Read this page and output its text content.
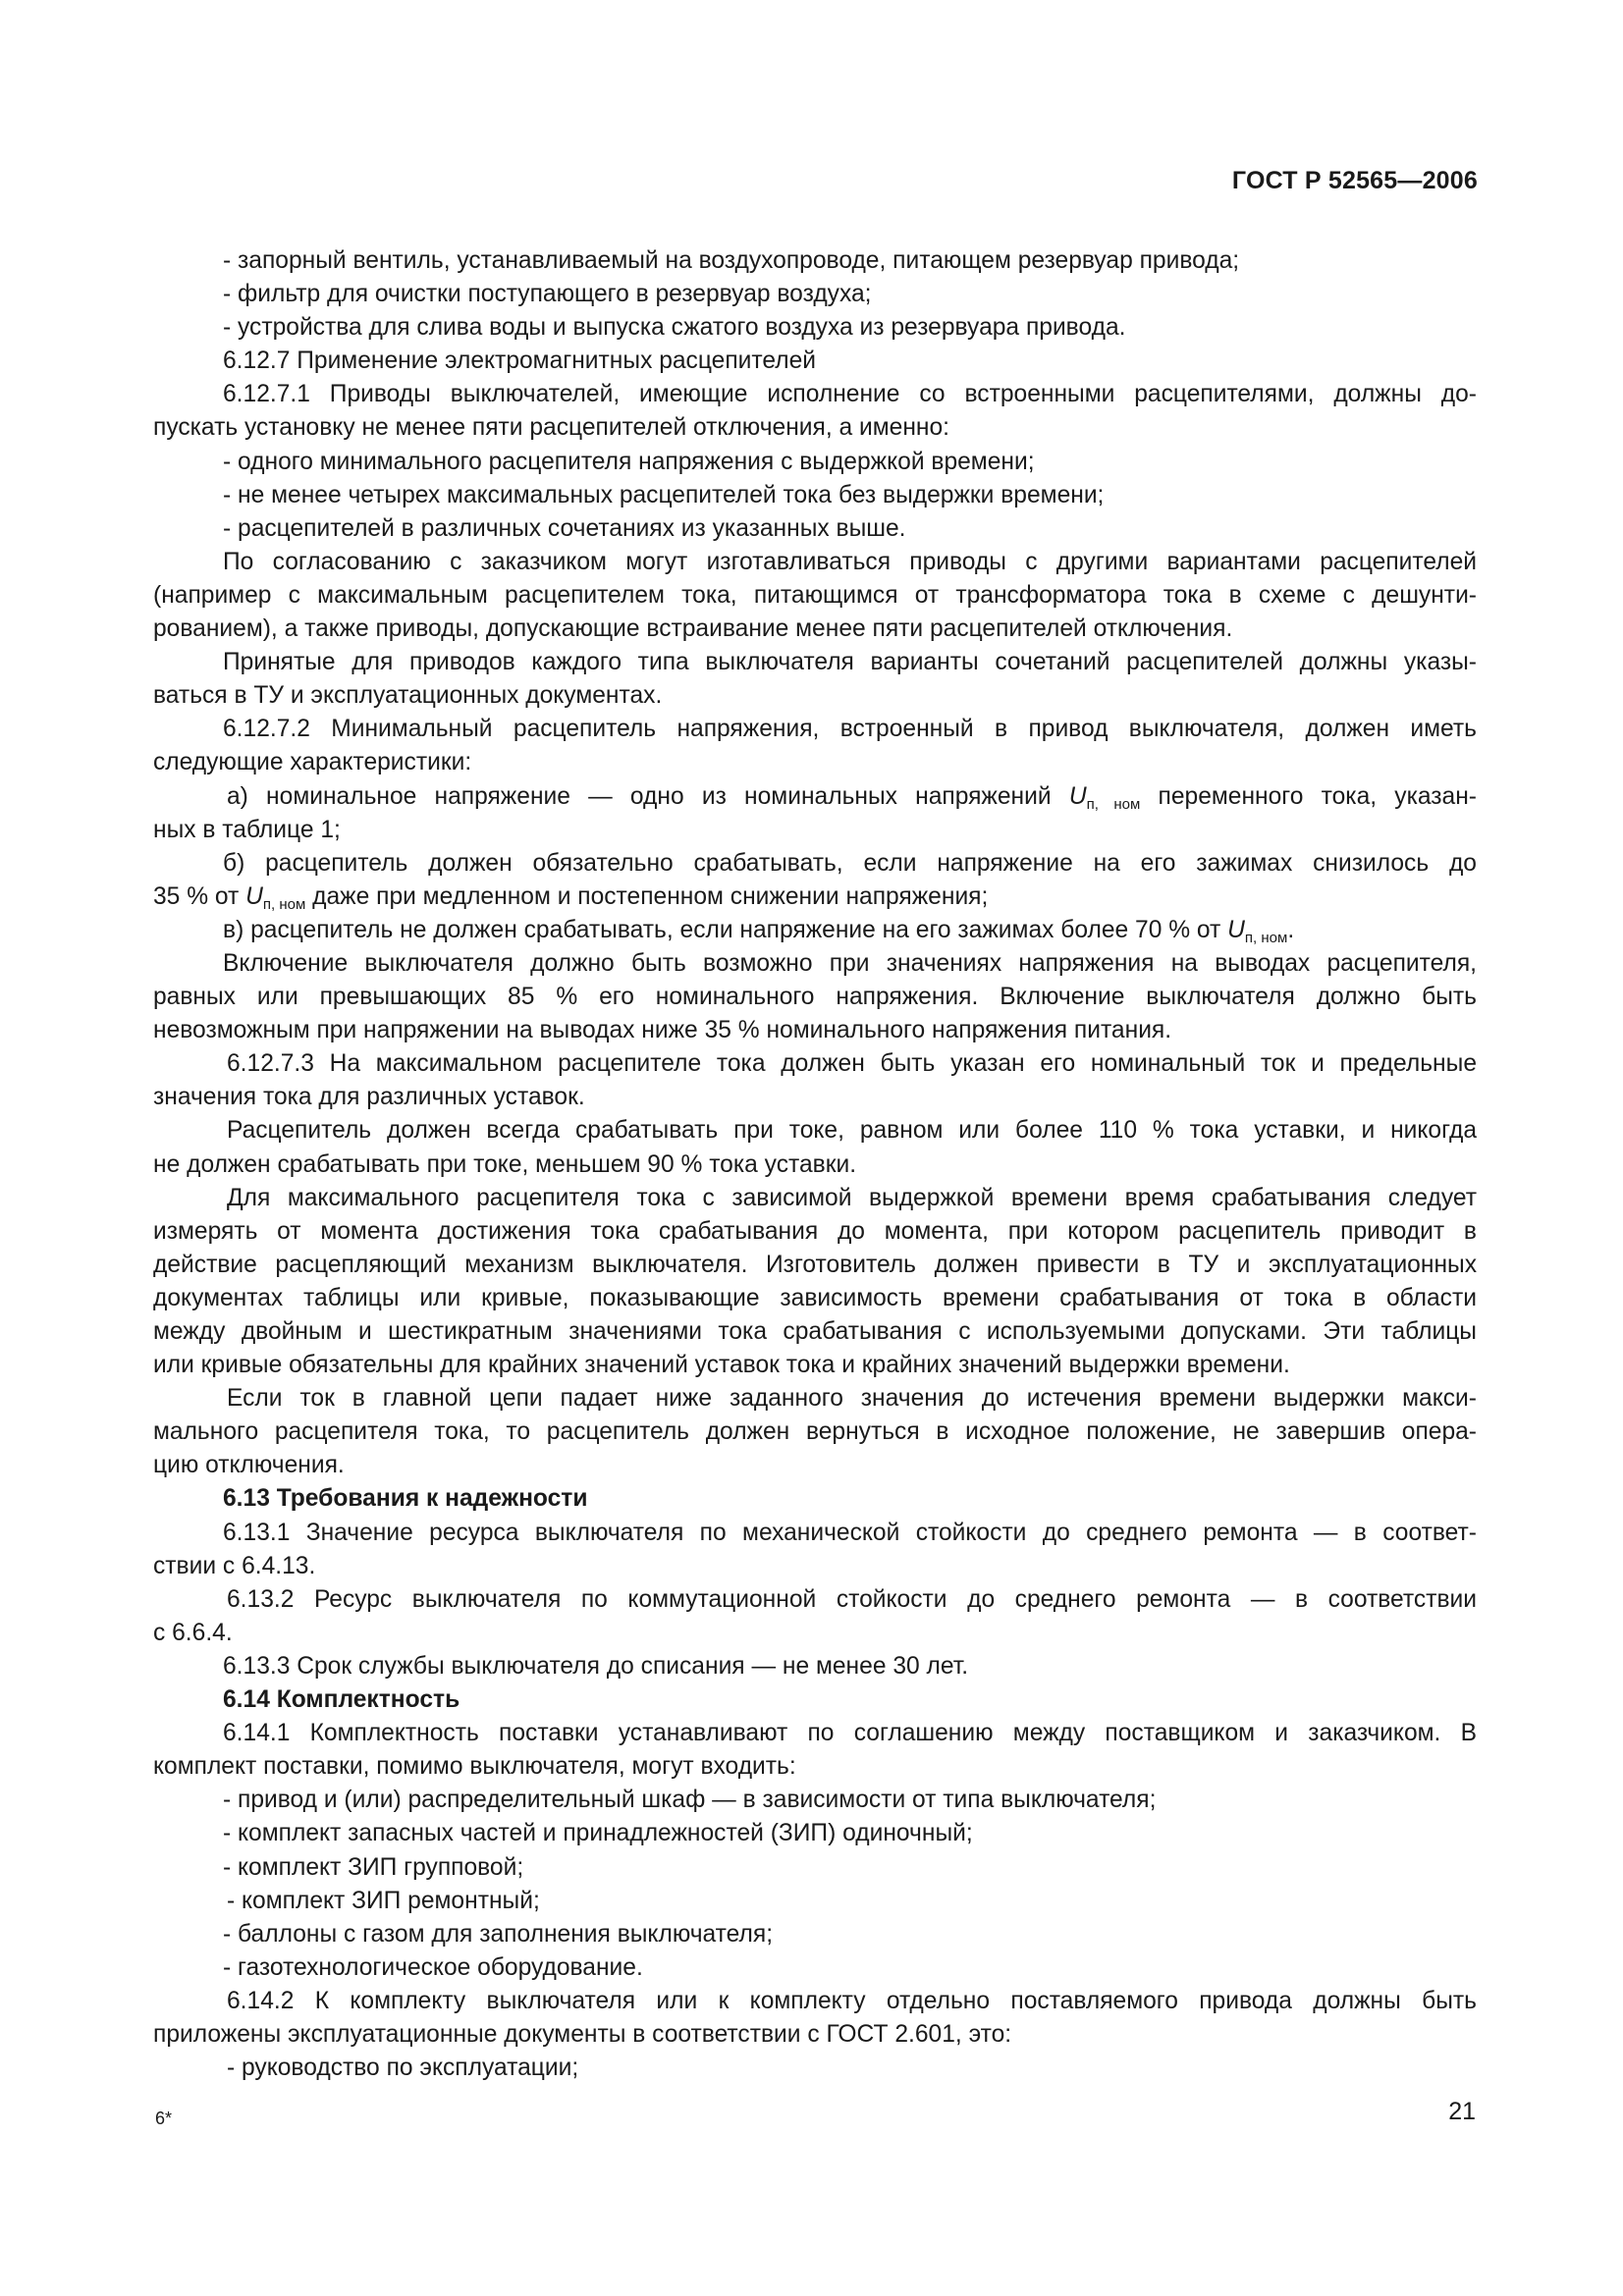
ГОСТ Р 52565—2006
- запорный вентиль, устанавливаемый на воздухопроводе, питающем резервуар привода;
- фильтр для очистки поступающего в резервуар воздуха;
- устройства для слива воды и выпуска сжатого воздуха из резервуара привода.
6.12.7 Применение электромагнитных расцепителей
6.12.7.1 Приводы выключателей, имеющие исполнение со встроенными расцепителями, должны до-
пускать установку не менее пяти расцепителей отключения, а именно:
- одного минимального расцепителя напряжения с выдержкой времени;
- не менее четырех максимальных расцепителей тока без выдержки времени;
- расцепителей в различных сочетаниях из указанных выше.
По согласованию с заказчиком могут изготавливаться приводы с другими вариантами расцепителей
(например с максимальным расцепителем тока, питающимся от трансформатора тока в схеме с дешунти-
рованием), а также приводы, допускающие встраивание менее пяти расцепителей отключения.
Принятые для приводов каждого типа выключателя варианты сочетаний расцепителей должны указы-
ваться в ТУ и эксплуатационных документах.
6.12.7.2 Минимальный расцепитель напряжения, встроенный в привод выключателя, должен иметь
следующие характеристики:
а) номинальное напряжение — одно из номинальных напряжений $U_{п, ном}$ переменного тока, указан-
ных в таблице 1;
б) расцепитель должен обязательно срабатывать, если напряжение на его зажимах снизилось до
35 % от $U_{п, ном}$ даже при медленном и постепенном снижении напряжения;
в) расцепитель не должен срабатывать, если напряжение на его зажимах более 70 % от $U_{п, ном}$.
Включение выключателя должно быть возможно при значениях напряжения на выводах расцепителя,
равных или превышающих 85 % его номинального напряжения. Включение выключателя должно быть
невозможным при напряжении на выводах ниже 35 % номинального напряжения питания.
6.12.7.3 На максимальном расцепителе тока должен быть указан его номинальный ток и предельные
значения тока для различных уставок.
Расцепитель должен всегда срабатывать при токе, равном или более 110 % тока уставки, и никогда
не должен срабатывать при токе, меньшем 90 % тока уставки.
Для максимального расцепителя тока с зависимой выдержкой времени время срабатывания следует
измерять от момента достижения тока срабатывания до момента, при котором расцепитель приводит в
действие расцепляющий механизм выключателя. Изготовитель должен привести в ТУ и эксплуатационных
документах таблицы или кривые, показывающие зависимость времени срабатывания от тока в области
между двойным и шестикратным значениями тока срабатывания с используемыми допусками. Эти таблицы
или кривые обязательны для крайних значений уставок тока и крайних значений выдержки времени.
Если ток в главной цепи падает ниже заданного значения до истечения времени выдержки макси-
мального расцепителя тока, то расцепитель должен вернуться в исходное положение, не завершив опера-
цию отключения.
6.13 Требования к надежности
6.13.1 Значение ресурса выключателя по механической стойкости до среднего ремонта — в соответ-
ствии с 6.4.13.
6.13.2 Ресурс выключателя по коммутационной стойкости до среднего ремонта — в соответствии
с 6.6.4.
6.13.3 Срок службы выключателя до списания — не менее 30 лет.
6.14 Комплектность
6.14.1 Комплектность поставки устанавливают по соглашению между поставщиком и заказчиком. В
комплект поставки, помимо выключателя, могут входить:
- привод и (или) распределительный шкаф — в зависимости от типа выключателя;
- комплект запасных частей и принадлежностей (ЗИП) одиночный;
- комплект ЗИП групповой;
- комплект ЗИП ремонтный;
- баллоны с газом для заполнения выключателя;
- газотехнологическое оборудование.
6.14.2 К комплекту выключателя или к комплекту отдельно поставляемого привода должны быть
приложены эксплуатационные документы в соответствии с ГОСТ 2.601, это:
- руководство по эксплуатации;
6*	21
